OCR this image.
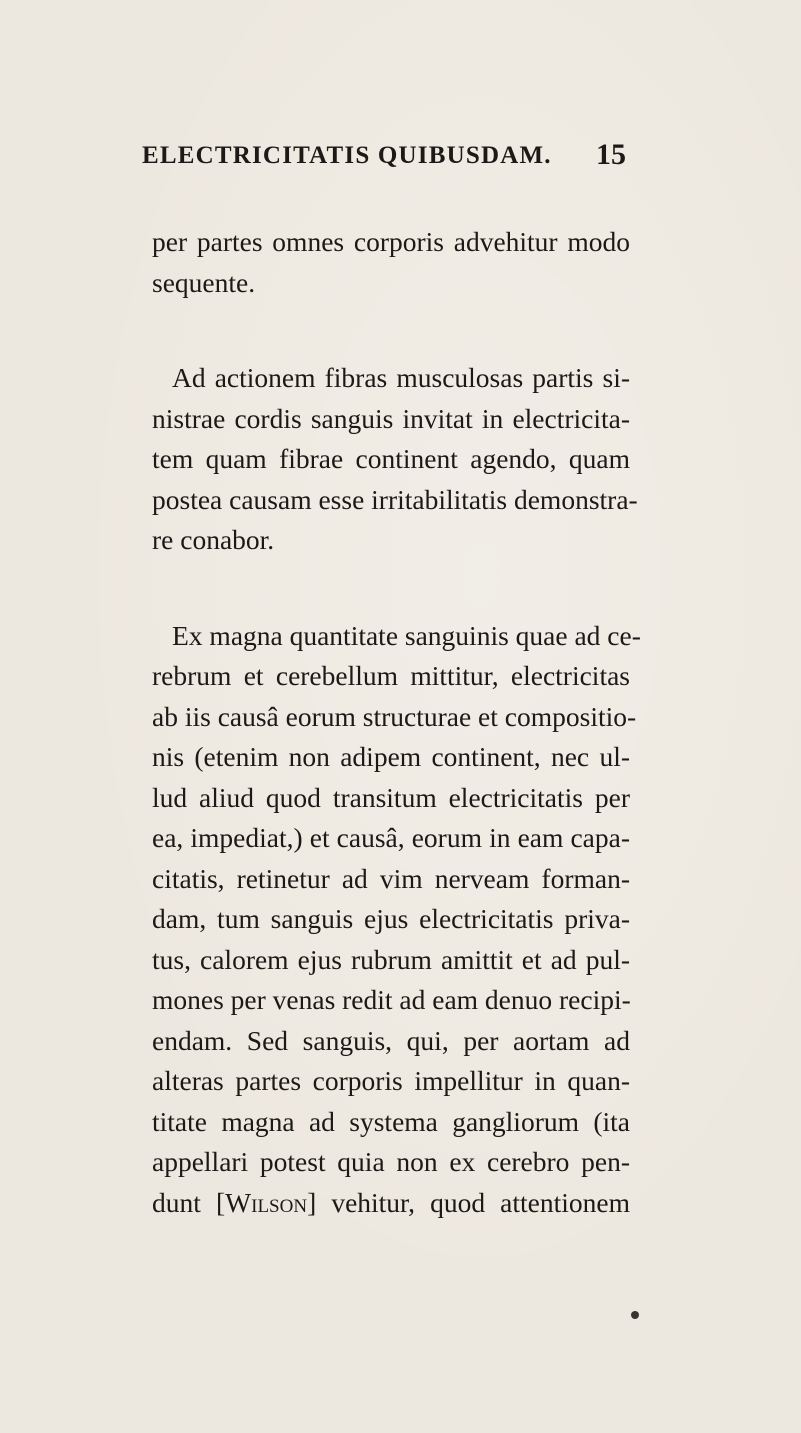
ELECTRICITATIS QUIBUSDAM. 15
per partes omnes corporis advehitur modo
sequente.
Ad actionem fibras musculosas partis si-
nistrae cordis sanguis invitat in electricita-
tem quam fibrae continent agendo, quam
postea causam esse irritabilitatis demonstra-
re conabor.
Ex magna quantitate sanguinis quae ad ce-
rebrum et cerebellum mittitur, electricitas
ab iis causâ eorum structurae et compositio-
nis (etenim non adipem continent, nec ul-
lud aliud quod transitum electricitatis per
ea, impediat,) et causâ, eorum in eam capa-
citatis, retinetur ad vim nerveam forman-
dam, tum sanguis ejus electricitatis priva-
tus, calorem ejus rubrum amittit et ad pul-
mones per venas redit ad eam denuo recipi-
endam. Sed sanguis, qui, per aortam ad
alteras partes corporis impellitur in quan-
titate magna ad systema gangliorum (ita
appellari potest quia non ex cerebro pen-
dunt [Wilson] vehitur, quod attentionem
